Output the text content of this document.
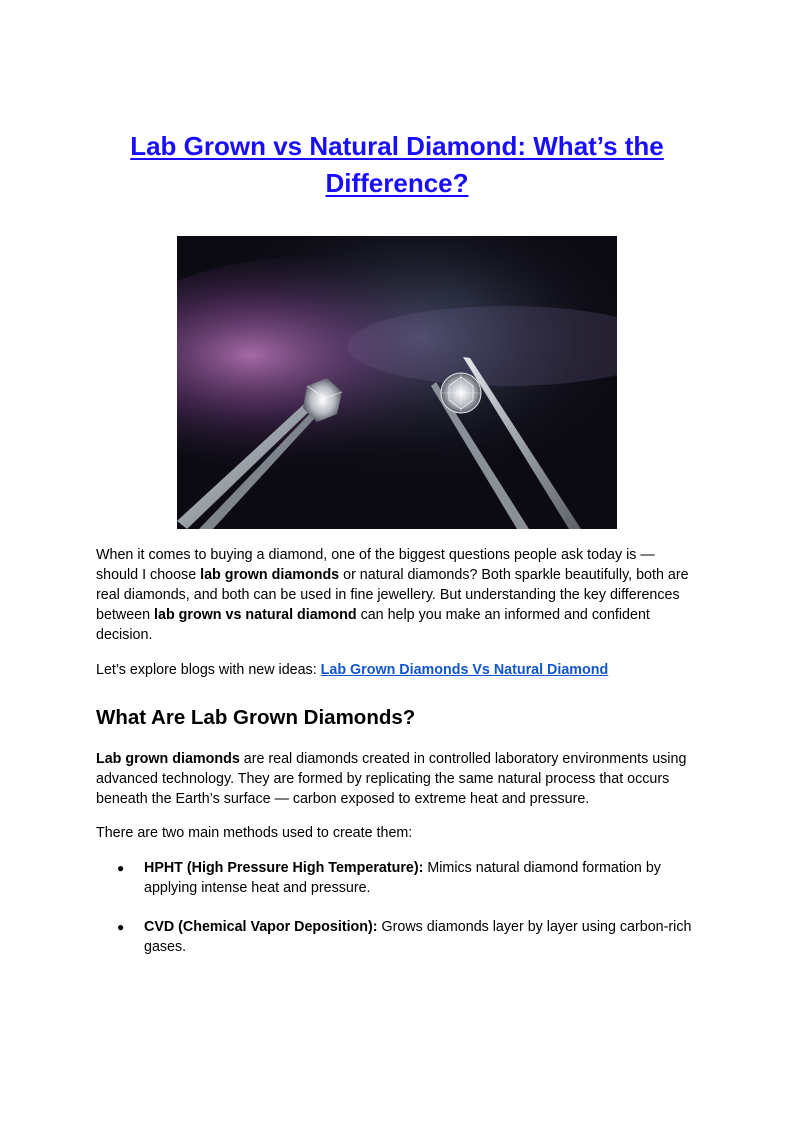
Lab Grown vs Natural Diamond: What’s the Difference?

When it comes to buying a diamond, one of the biggest questions people ask today is — should I choose lab grown diamonds or natural diamonds? Both sparkle beautifully, both are real diamonds, and both can be used in fine jewellery. But understanding the key differences between lab grown vs natural diamond can help you make an informed and confident decision.

Let’s explore blogs with new ideas: Lab Grown Diamonds Vs Natural Diamond

What Are Lab Grown Diamonds?

Lab grown diamonds are real diamonds created in controlled laboratory environments using advanced technology. They are formed by replicating the same natural process that occurs beneath the Earth’s surface — carbon exposed to extreme heat and pressure.

There are two main methods used to create them:

● HPHT (High Pressure High Temperature): Mimics natural diamond formation by applying intense heat and pressure.
● CVD (Chemical Vapor Deposition): Grows diamonds layer by layer using carbon-rich gases.
